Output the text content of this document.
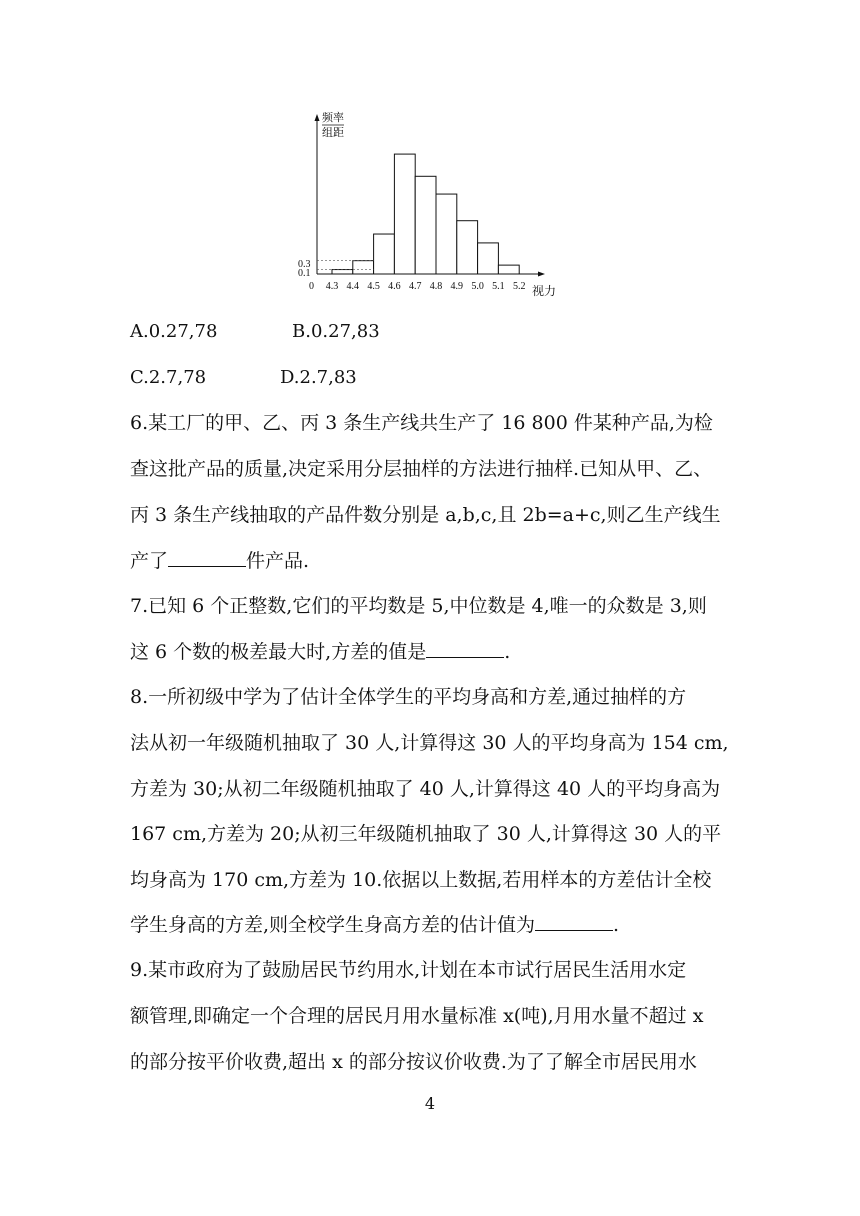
频率
组距
0.3
0.1
0 4.3 4.4 4.5 4.6 4.7 4.8 4.9 5.0 5.1 5.2 视力
A.0.27,78	B.0.27,83
C.2.7,78	D.2.7,83
6.某工厂的甲、乙、丙 3 条生产线共生产了 16 800 件某种产品,为检
查这批产品的质量,决定采用分层抽样的方法进行抽样.已知从甲、乙、
丙 3 条生产线抽取的产品件数分别是 a,b,c,且 2b=a+c,则乙生产线生
产了	件产品.
7.已知 6 个正整数,它们的平均数是 5,中位数是 4,唯一的众数是 3,则
这 6 个数的极差最大时,方差的值是	.
8.一所初级中学为了估计全体学生的平均身高和方差,通过抽样的方
法从初一年级随机抽取了 30 人,计算得这 30 人的平均身高为 154 cm,
方差为 30;从初二年级随机抽取了 40 人,计算得这 40 人的平均身高为
167 cm,方差为 20;从初三年级随机抽取了 30 人,计算得这 30 人的平
均身高为 170 cm,方差为 10.依据以上数据,若用样本的方差估计全校
学生身高的方差,则全校学生身高方差的估计值为	.
9.某市政府为了鼓励居民节约用水,计划在本市试行居民生活用水定
额管理,即确定一个合理的居民月用水量标准 x(吨),月用水量不超过 x
的部分按平价收费,超出 x 的部分按议价收费.为了了解全市居民用水
4
